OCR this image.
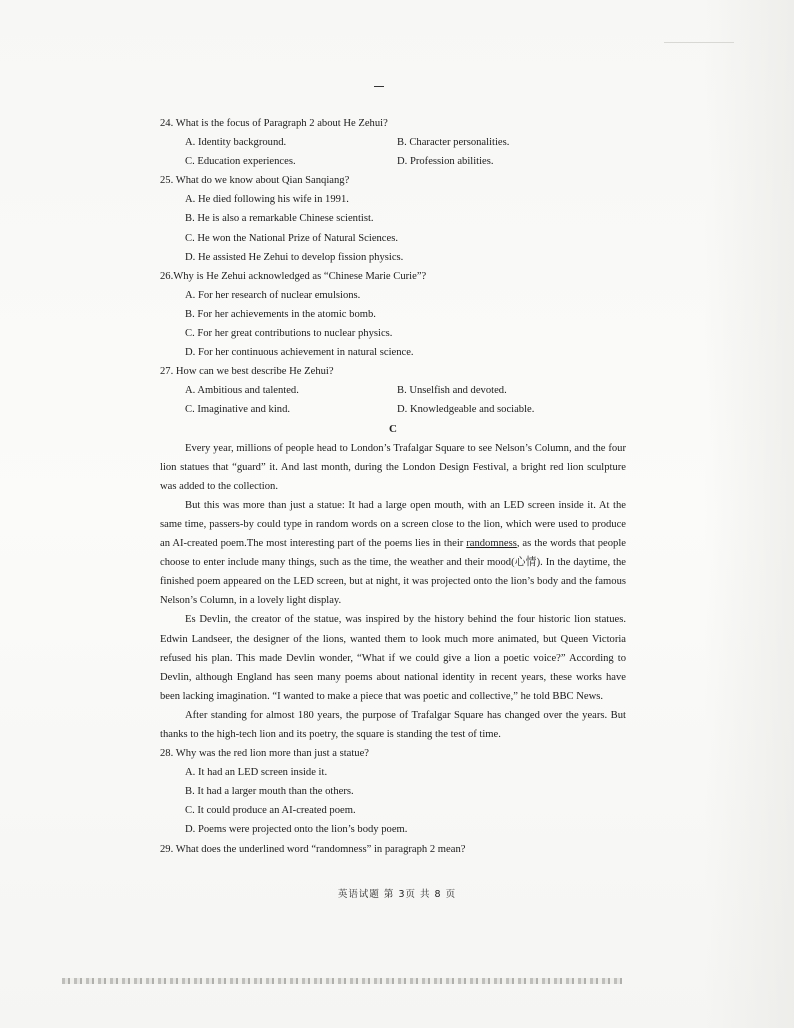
24. What is the focus of Paragraph 2 about He Zehui?

A. Identity background.	B. Character personalities.
C. Education experiences.	D. Profession abilities.

25. What do we know about Qian Sanqiang?

A. He died following his wife in 1991.

B. He is also a remarkable Chinese scientist.

C. He won the National Prize of Natural Sciences.

D. He assisted He Zehui to develop fission physics.

26.Why is He Zehui acknowledged as “Chinese Marie Curie”?

A. For her research of nuclear emulsions.

B. For her achievements in the atomic bomb.

C. For her great contributions to nuclear physics.

D. For her continuous achievement in natural science.

27. How can we best describe He Zehui?

A. Ambitious and talented.	B. Unselfish and devoted.
C. Imaginative and kind.	D. Knowledgeable and sociable.

C

Every year, millions of people head to London’s Trafalgar Square to see Nelson’s Column, and the four lion statues that “guard” it. And last month, during the London Design Festival, a bright red lion sculpture was added to the collection.

But this was more than just a statue: It had a large open mouth, with an LED screen inside it. At the same time, passers-by could type in random words on a screen close to the lion, which were used to produce an AI-created poem.The most interesting part of the poems lies in their randomness, as the words that people choose to enter include many things, such as the time, the weather and their mood(心情). In the daytime, the finished poem appeared on the LED screen, but at night, it was projected onto the lion’s body and the famous Nelson’s Column, in a lovely light display.

Es Devlin, the creator of the statue, was inspired by the history behind the four historic lion statues. Edwin Landseer, the designer of the lions, wanted them to look much more animated, but Queen Victoria refused his plan. This made Devlin wonder, “What if we could give a lion a poetic voice?” According to Devlin, although England has seen many poems about national identity in recent years, these works have been lacking imagination. “I wanted to make a piece that was poetic and collective,” he told BBC News.

After standing for almost 180 years, the purpose of Trafalgar Square has changed over the years. But thanks to the high-tech lion and its poetry, the square is standing the test of time.

28. Why was the red lion more than just a statue?

A. It had an LED screen inside it.

B. It had a larger mouth than the others.

C. It could produce an AI-created poem.

D. Poems were projected onto the lion’s body poem.

29. What does the underlined word “randomness” in paragraph 2 mean?

英语试题 第 3页 共 8 页
